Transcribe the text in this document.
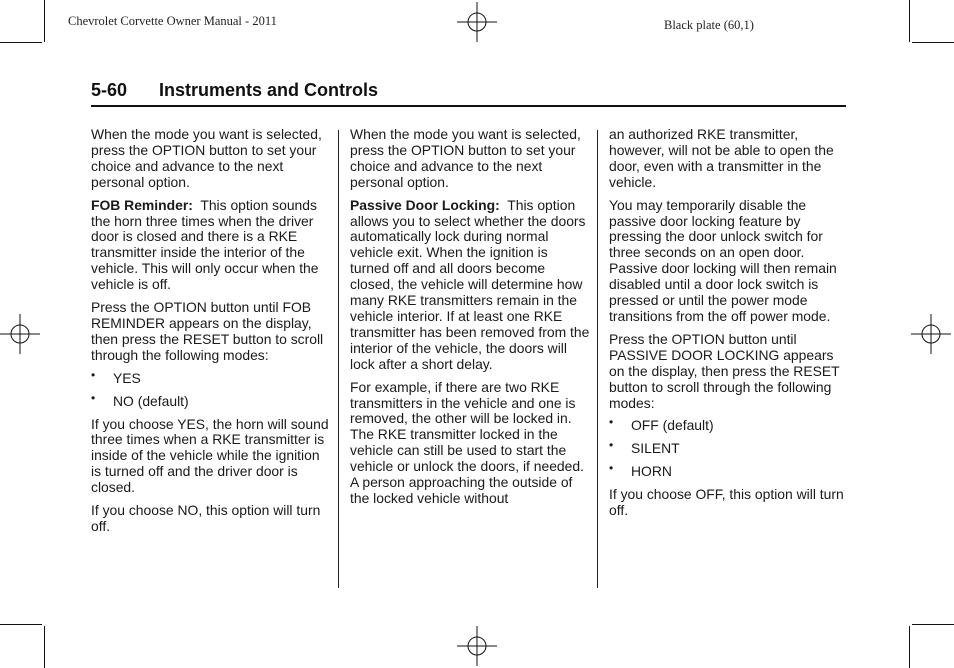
Chevrolet Corvette Owner Manual - 2011	Black plate (60,1)
5-60 Instruments and Controls

When the mode you want is selected, press the OPTION button to set your choice and advance to the next personal option.

FOB Reminder: This option sounds the horn three times when the driver door is closed and there is a RKE transmitter inside the interior of the vehicle. This will only occur when the vehicle is off.

Press the OPTION button until FOB REMINDER appears on the display, then press the RESET button to scroll through the following modes:

• YES
• NO (default)

If you choose YES, the horn will sound three times when a RKE transmitter is inside of the vehicle while the ignition is turned off and the driver door is closed.

If you choose NO, this option will turn off.

When the mode you want is selected, press the OPTION button to set your choice and advance to the next personal option.

Passive Door Locking: This option allows you to select whether the doors automatically lock during normal vehicle exit. When the ignition is turned off and all doors become closed, the vehicle will determine how many RKE transmitters remain in the vehicle interior. If at least one RKE transmitter has been removed from the interior of the vehicle, the doors will lock after a short delay.

For example, if there are two RKE transmitters in the vehicle and one is removed, the other will be locked in. The RKE transmitter locked in the vehicle can still be used to start the vehicle or unlock the doors, if needed. A person approaching the outside of the locked vehicle without

an authorized RKE transmitter, however, will not be able to open the door, even with a transmitter in the vehicle.

You may temporarily disable the passive door locking feature by pressing the door unlock switch for three seconds on an open door. Passive door locking will then remain disabled until a door lock switch is pressed or until the power mode transitions from the off power mode.

Press the OPTION button until PASSIVE DOOR LOCKING appears on the display, then press the RESET button to scroll through the following modes:

• OFF (default)
• SILENT
• HORN

If you choose OFF, this option will turn off.
